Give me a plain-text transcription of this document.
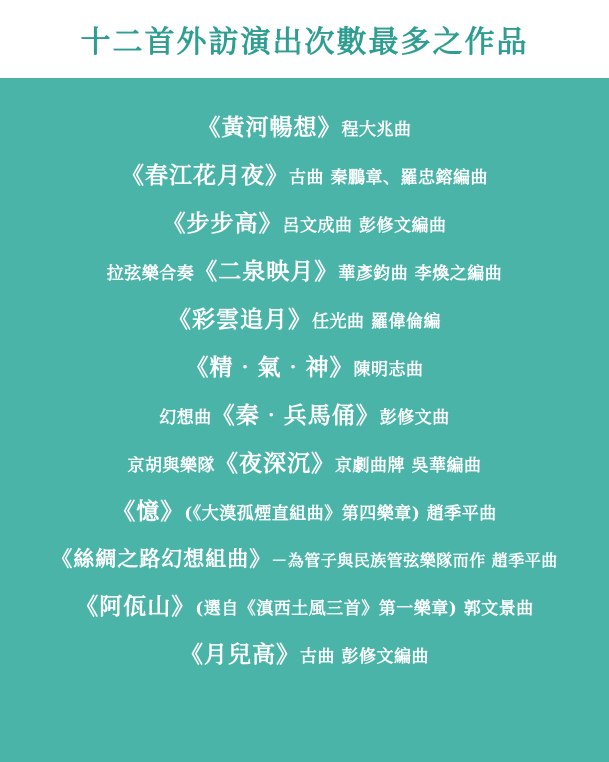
十二首外訪演出次數最多之作品
《黃河暢想》程大兆曲
《春江花月夜》古曲 秦鵬章、羅忠鎔編曲
《步步高》呂文成曲 彭修文編曲
拉弦樂合奏《二泉映月》華彥鈞曲 李煥之編曲
《彩雲追月》任光曲 羅偉倫編
《精‧氣‧神》陳明志曲
幻想曲《秦‧兵馬俑》彭修文曲
京胡與樂隊《夜深沉》京劇曲牌 吳華編曲
《憶》(《大漠孤煙直組曲》第四樂章) 趙季平曲
《絲綢之路幻想組曲》－為管子與民族管弦樂隊而作 趙季平曲
《阿佤山》(選自《滇西土風三首》第一樂章) 郭文景曲
《月兒高》古曲 彭修文編曲
